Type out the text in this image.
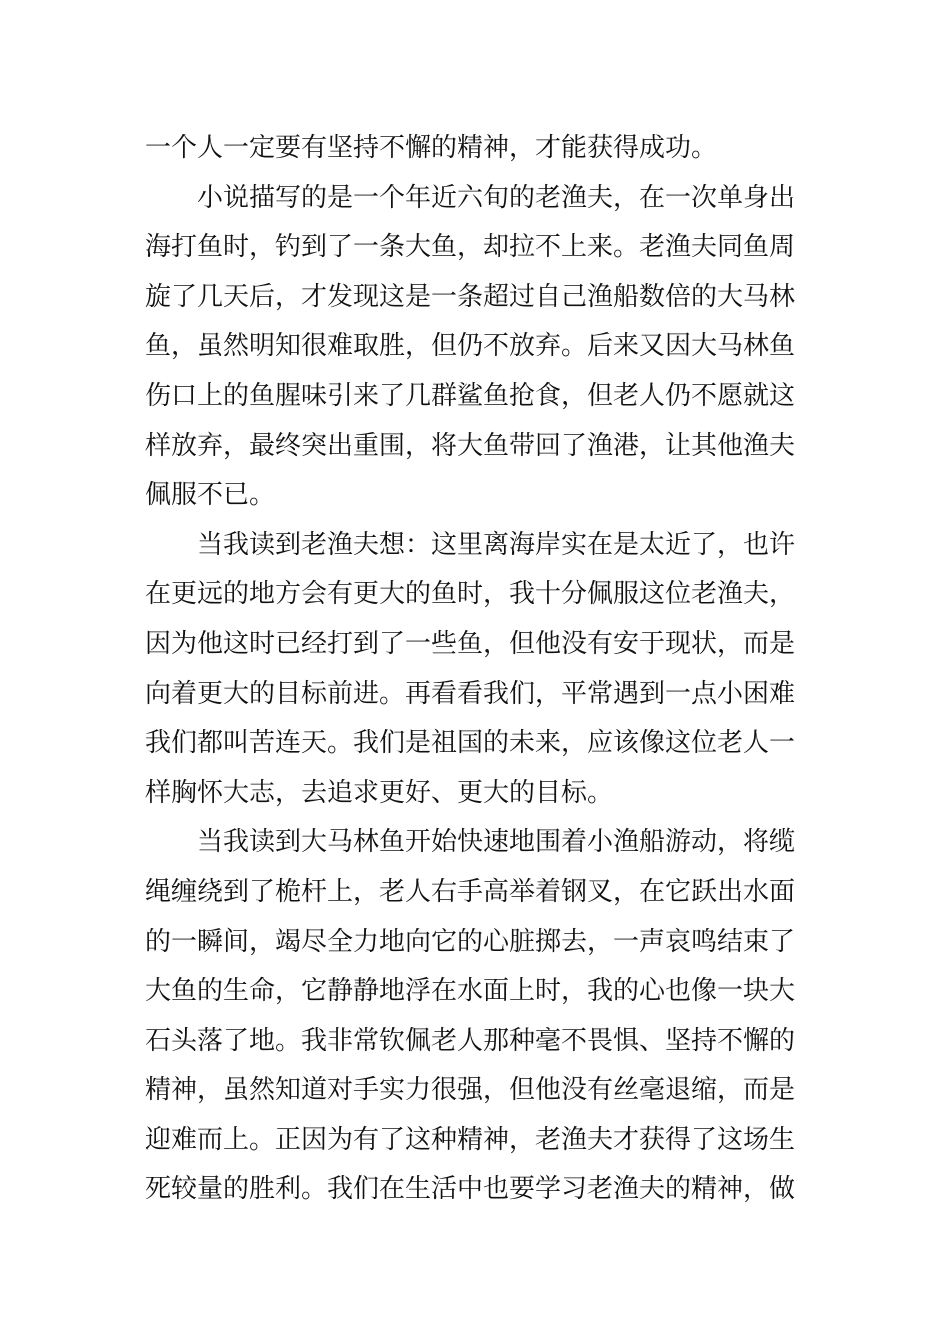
一个人一定要有坚持不懈的精神，才能获得成功。
小说描写的是一个年近六旬的老渔夫，在一次单身出
海打鱼时，钓到了一条大鱼，却拉不上来。老渔夫同鱼周
旋了几天后，才发现这是一条超过自己渔船数倍的大马林
鱼，虽然明知很难取胜，但仍不放弃。后来又因大马林鱼
伤口上的鱼腥味引来了几群鲨鱼抢食，但老人仍不愿就这
样放弃，最终突出重围，将大鱼带回了渔港，让其他渔夫
佩服不已。
当我读到老渔夫想：这里离海岸实在是太近了，也许
在更远的地方会有更大的鱼时，我十分佩服这位老渔夫，
因为他这时已经打到了一些鱼，但他没有安于现状，而是
向着更大的目标前进。再看看我们，平常遇到一点小困难
我们都叫苦连天。我们是祖国的未来，应该像这位老人一
样胸怀大志，去追求更好、更大的目标。
当我读到大马林鱼开始快速地围着小渔船游动，将缆
绳缠绕到了桅杆上，老人右手高举着钢叉，在它跃出水面
的一瞬间，竭尽全力地向它的心脏掷去，一声哀鸣结束了
大鱼的生命，它静静地浮在水面上时，我的心也像一块大
石头落了地。我非常钦佩老人那种毫不畏惧、坚持不懈的
精神，虽然知道对手实力很强，但他没有丝毫退缩，而是
迎难而上。正因为有了这种精神，老渔夫才获得了这场生
死较量的胜利。我们在生活中也要学习老渔夫的精神，做
